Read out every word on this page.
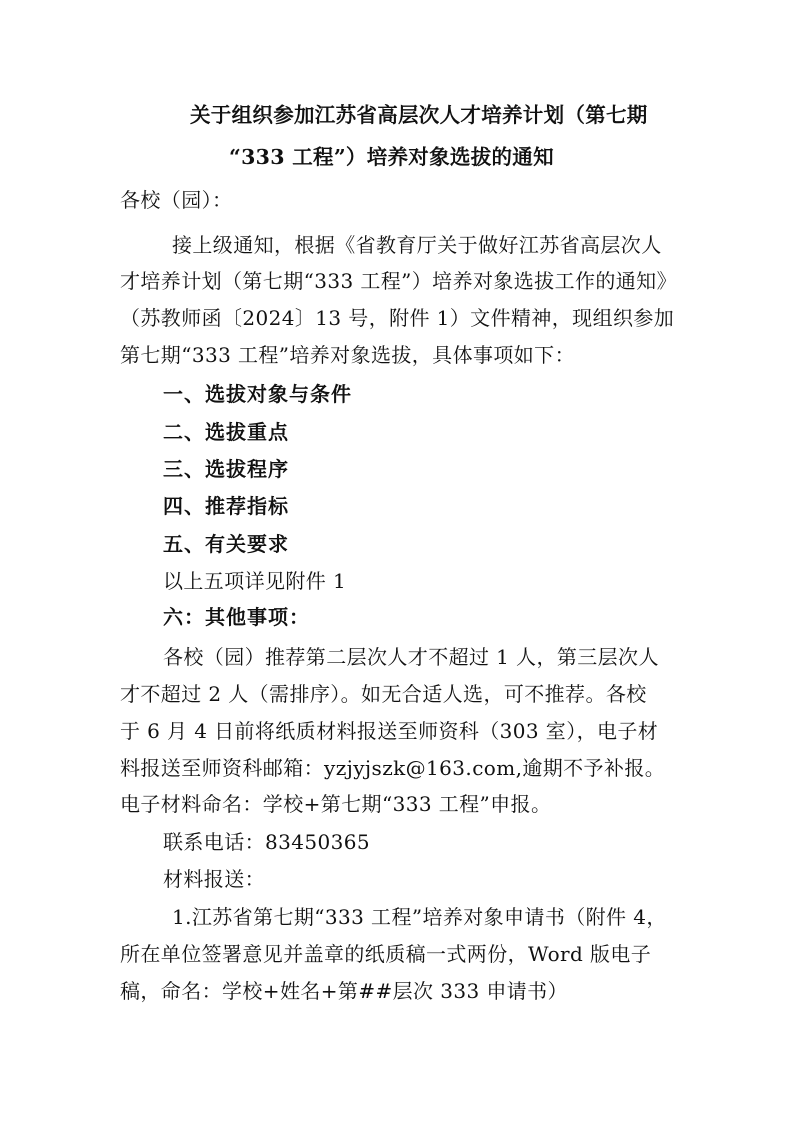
关于组织参加江苏省高层次人才培养计划（第七期
“333 工程”）培养对象选拔的通知
各校（园）：
接上级通知，根据《省教育厅关于做好江苏省高层次人
才培养计划（第七期“333 工程”）培养对象选拔工作的通知》
（苏教师函〔2024〕13 号，附件 1）文件精神，现组织参加
第七期“333 工程”培养对象选拔，具体事项如下：
一、选拔对象与条件
二、选拔重点
三、选拔程序
四、推荐指标
五、有关要求
以上五项详见附件 1
六：其他事项：
各校（园）推荐第二层次人才不超过 1 人，第三层次人
才不超过 2 人（需排序）。如无合适人选，可不推荐。各校
于 6 月 4 日前将纸质材料报送至师资科（303 室），电子材
料报送至师资科邮箱：yzjyjszk@163.com,逾期不予补报。
电子材料命名：学校+第七期“333 工程”申报。
联系电话：83450365
材料报送：
1.江苏省第七期“333 工程”培养对象申请书（附件 4，
所在单位签署意见并盖章的纸质稿一式两份，Word 版电子
稿，命名：学校+姓名+第##层次 333 申请书）
